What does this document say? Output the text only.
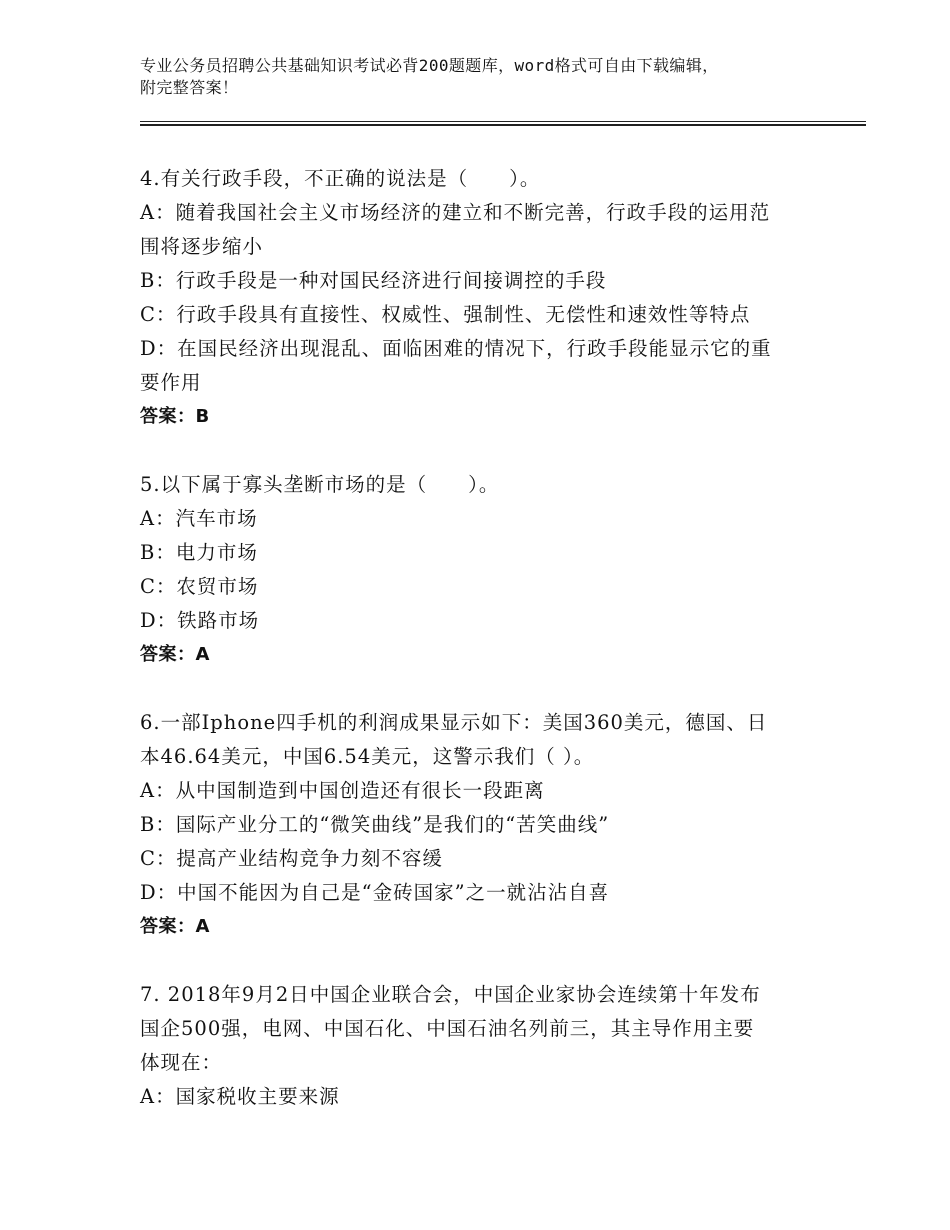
专业公务员招聘公共基础知识考试必背200题题库，word格式可自由下载编辑，
附完整答案！
4.有关行政手段，不正确的说法是（　　）。
A：随着我国社会主义市场经济的建立和不断完善，行政手段的运用范
围将逐步缩小
B：行政手段是一种对国民经济进行间接调控的手段
C：行政手段具有直接性、权威性、强制性、无偿性和速效性等特点
D：在国民经济出现混乱、面临困难的情况下，行政手段能显示它的重
要作用
答案：B
5.以下属于寡头垄断市场的是（　　）。
A：汽车市场
B：电力市场
C：农贸市场
D：铁路市场
答案：A
6.一部Iphone四手机的利润成果显示如下：美国360美元，德国、日
本46.64美元，中国6.54美元，这警示我们（ ）。
A：从中国制造到中国创造还有很长一段距离
B：国际产业分工的“微笑曲线”是我们的“苦笑曲线”
C：提高产业结构竞争力刻不容缓
D：中国不能因为自己是“金砖国家”之一就沾沾自喜
答案：A
7. 2018年9月2日中国企业联合会，中国企业家协会连续第十年发布
国企500强，电网、中国石化、中国石油名列前三，其主导作用主要
体现在：
A：国家税收主要来源
